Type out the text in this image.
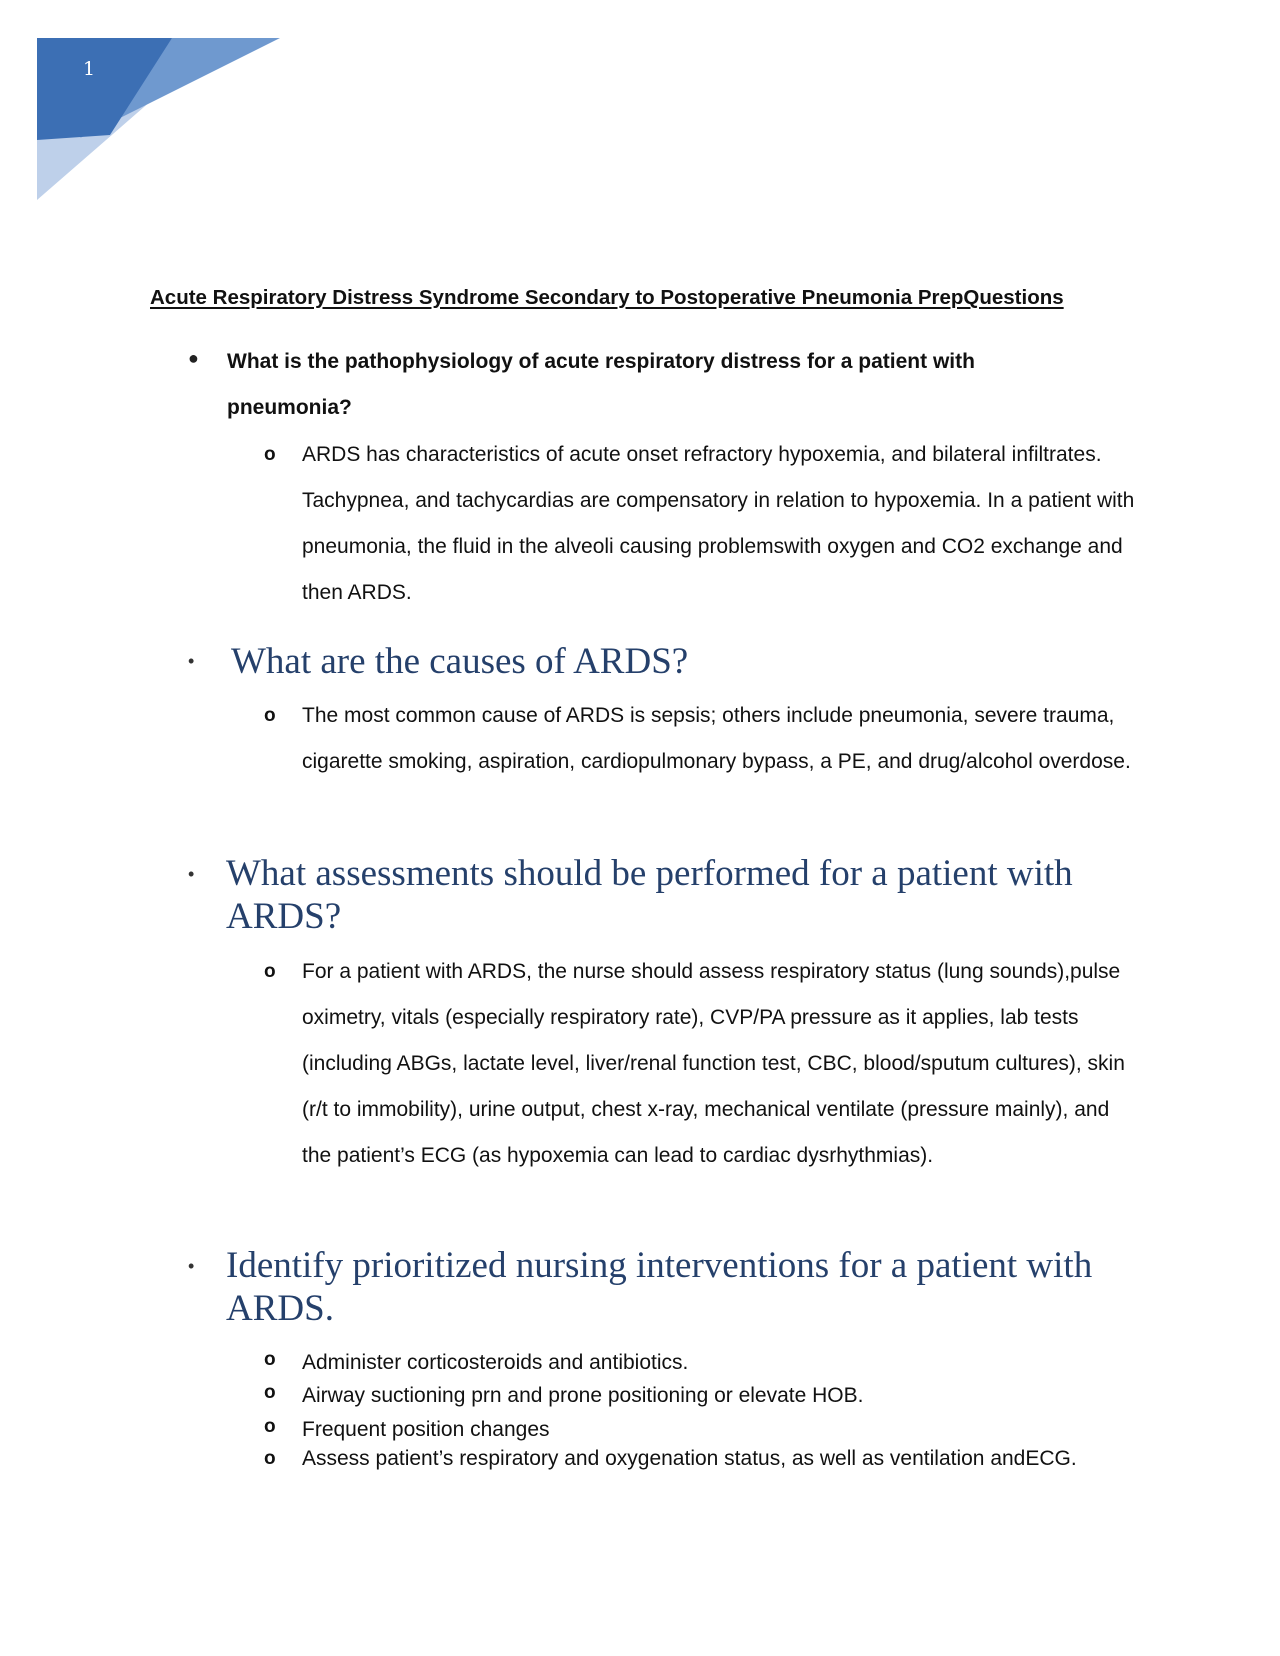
1
Acute Respiratory Distress Syndrome Secondary to Postoperative Pneumonia PrepQuestions
● What is the pathophysiology of acute respiratory distress for a patient with pneumonia?

o ARDS has characteristics of acute onset refractory hypoxemia, and bilateral infiltrates. Tachypnea, and tachycardias are compensatory in relation to hypoxemia. In a patient with pneumonia, the fluid in the alveoli causing problemswith oxygen and CO2 exchange and then ARDS.

• What are the causes of ARDS?
o The most common cause of ARDS is sepsis; others include pneumonia, severe trauma, cigarette smoking, aspiration, cardiopulmonary bypass, a PE, and drug/alcohol overdose.

• What assessments should be performed for a patient with ARDS?
o For a patient with ARDS, the nurse should assess respiratory status (lung sounds),pulse oximetry, vitals (especially respiratory rate), CVP/PA pressure as it applies, lab tests (including ABGs, lactate level, liver/renal function test, CBC, blood/sputum cultures), skin (r/t to immobility), urine output, chest x-ray, mechanical ventilate (pressure mainly), and the patient’s ECG (as hypoxemia can lead to cardiac dysrhythmias).

• Identify prioritized nursing interventions for a patient with ARDS.
o Administer corticosteroids and antibiotics.

o Airway suctioning prn and prone positioning or elevate HOB.

o Frequent position changes

o Assess patient’s respiratory and oxygenation status, as well as ventilation andECG.
